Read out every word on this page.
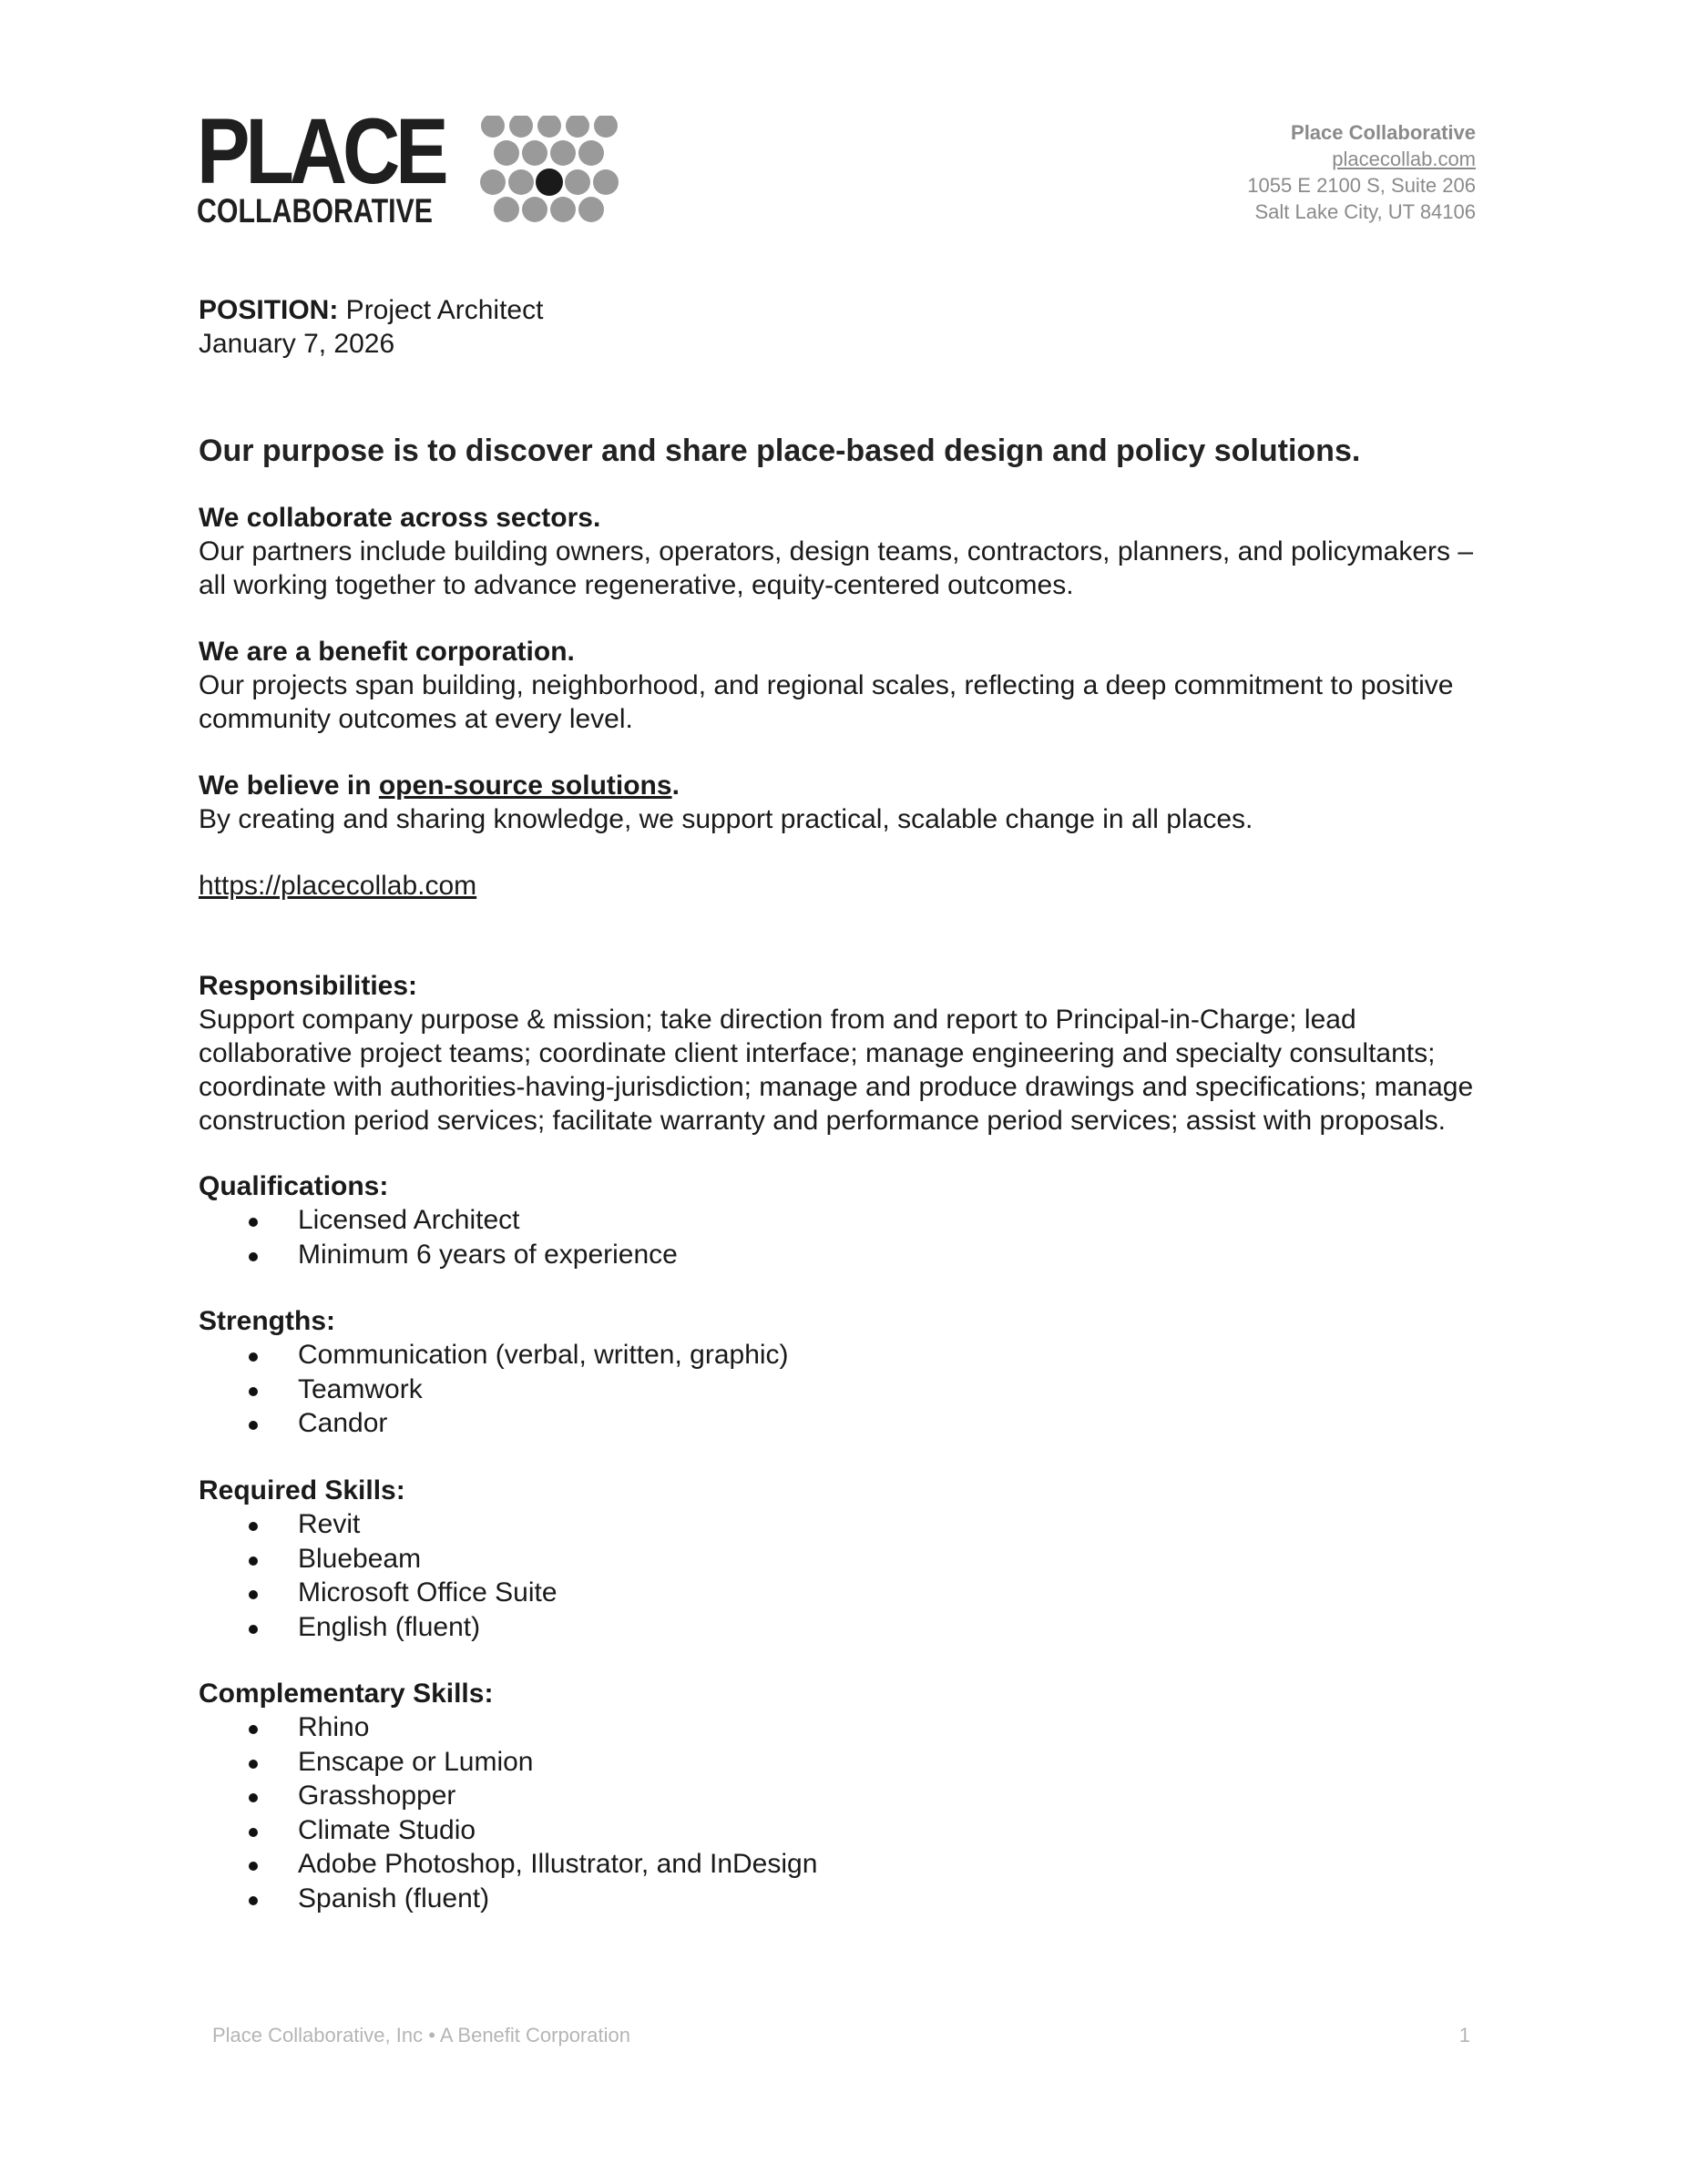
PLACE
COLLABORATIVE
Place Collaborative
placecollab.com
1055 E 2100 S, Suite 206
Salt Lake City, UT 84106
POSITION: Project Architect
January 7, 2026
Our purpose is to discover and share place-based design and policy solutions.
We collaborate across sectors.
Our partners include building owners, operators, design teams, contractors, planners, and policymakers –
all working together to advance regenerative, equity-centered outcomes.
We are a benefit corporation.
Our projects span building, neighborhood, and regional scales, reflecting a deep commitment to positive
community outcomes at every level.
We believe in open-source solutions.
By creating and sharing knowledge, we support practical, scalable change in all places.
https://placecollab.com
Responsibilities:
Support company purpose & mission; take direction from and report to Principal-in-Charge; lead
collaborative project teams; coordinate client interface; manage engineering and specialty consultants;
coordinate with authorities-having-jurisdiction; manage and produce drawings and specifications; manage
construction period services; facilitate warranty and performance period services; assist with proposals.
Qualifications:
Licensed Architect
Minimum 6 years of experience
Strengths:
Communication (verbal, written, graphic)
Teamwork
Candor
Required Skills:
Revit
Bluebeam
Microsoft Office Suite
English (fluent)
Complementary Skills:
Rhino
Enscape or Lumion
Grasshopper
Climate Studio
Adobe Photoshop, Illustrator, and InDesign
Spanish (fluent)
Place Collaborative, Inc • A Benefit Corporation	1
